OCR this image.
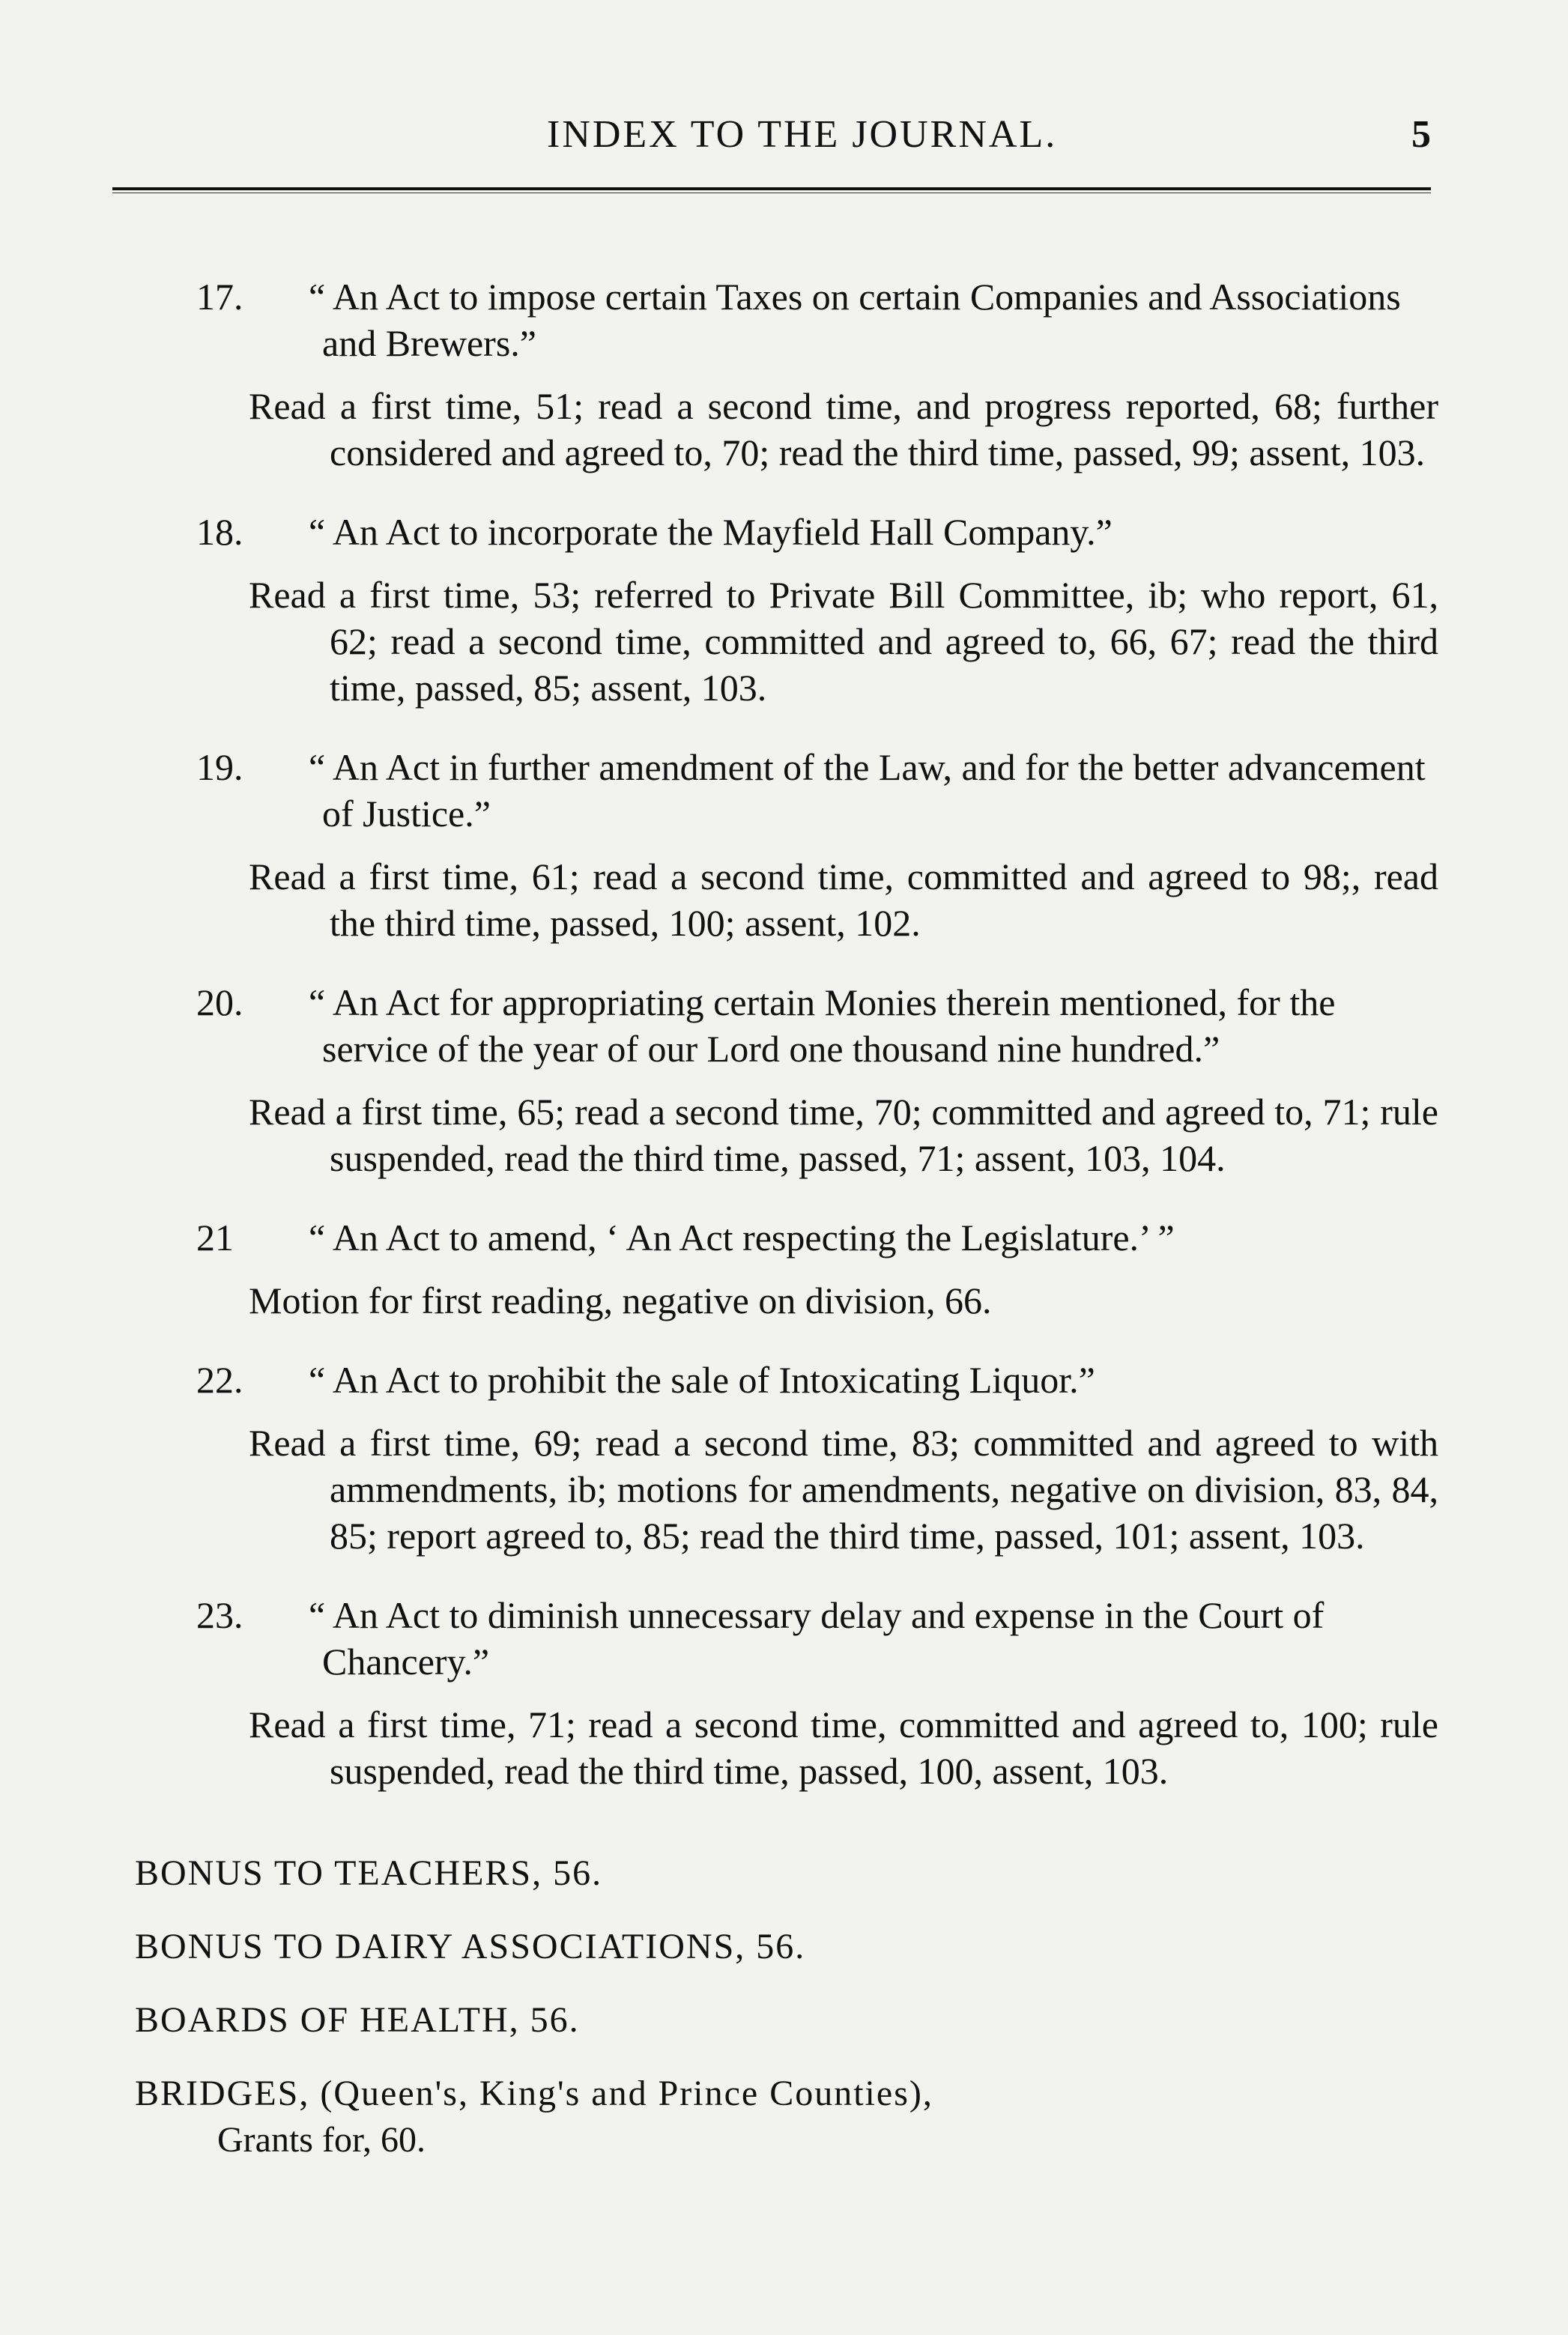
INDEX TO THE JOURNAL.	5
17. “ An Act to impose certain Taxes on certain Companies and Associations and Brewers.”
Read a first time, 51; read a second time, and progress reported, 68; further considered and agreed to, 70; read the third time, passed, 99; assent, 103.
18. “ An Act to incorporate the Mayfield Hall Company.”
Read a first time, 53; referred to Private Bill Committee, ib; who report, 61, 62; read a second time, committed and agreed to, 66, 67; read the third time, passed, 85; assent, 103.
19. “ An Act in further amendment of the Law, and for the better advancement of Justice.”
Read a first time, 61; read a second time, committed and agreed to 98;, read the third time, passed, 100; assent, 102.
20. “ An Act for appropriating certain Monies therein mentioned, for the service of the year of our Lord one thousand nine hundred.”
Read a first time, 65; read a second time, 70; committed and agreed to, 71; rule suspended, read the third time, passed, 71; assent, 103, 104.
21 “ An Act to amend, ‘ An Act respecting the Legislature.’ ”
Motion for first reading, negative on division, 66.
22. “ An Act to prohibit the sale of Intoxicating Liquor.”
Read a first time, 69; read a second time, 83; committed and agreed to with ammendments, ib; motions for amendments, negative on division, 83, 84, 85; report agreed to, 85; read the third time, passed, 101; assent, 103.
23. “ An Act to diminish unnecessary delay and expense in the Court of Chancery.”
Read a first time, 71; read a second time, committed and agreed to, 100; rule suspended, read the third time, passed, 100, assent, 103.
BONUS TO TEACHERS, 56.
BONUS TO DAIRY ASSOCIATIONS, 56.
BOARDS OF HEALTH, 56.
BRIDGES, (Queen's, King's and Prince Counties),
Grants for, 60.
